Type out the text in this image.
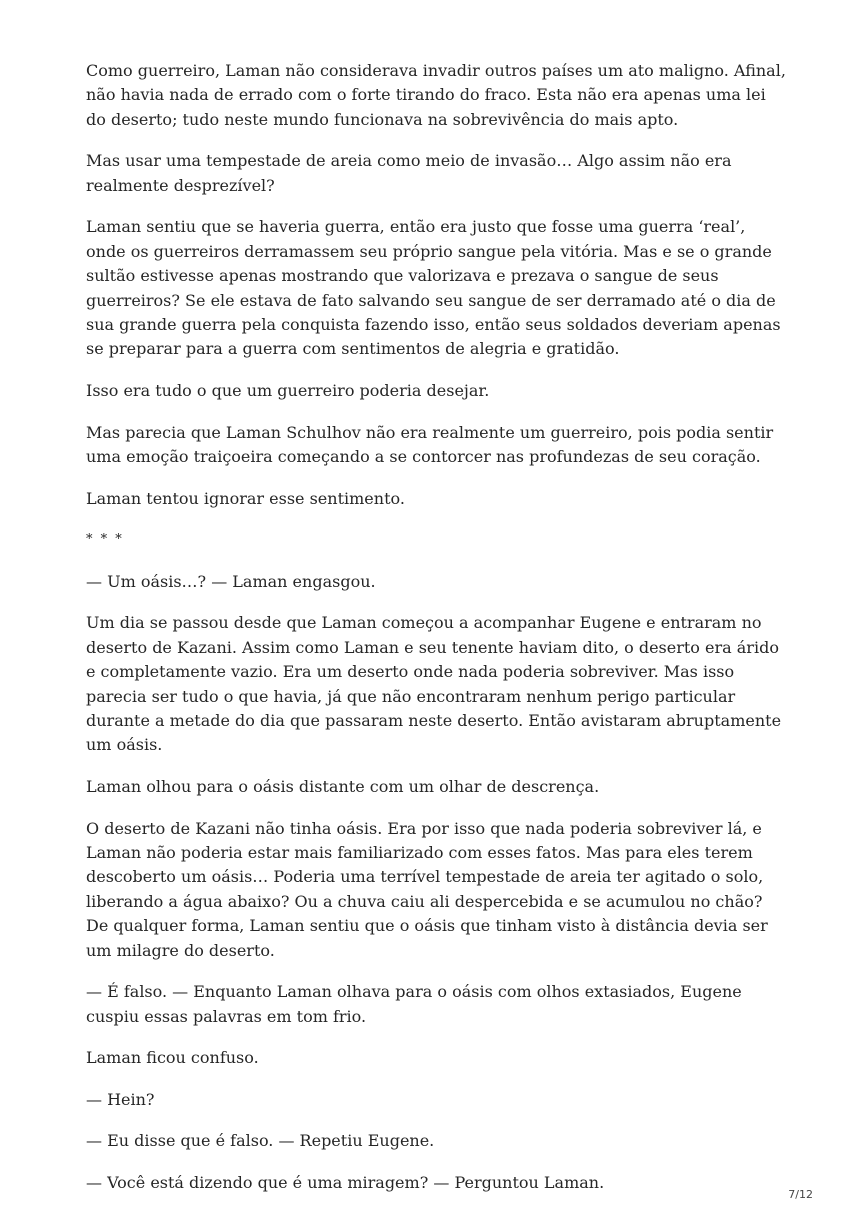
Como guerreiro, Laman não considerava invadir outros países um ato maligno. Afinal, não havia nada de errado com o forte tirando do fraco. Esta não era apenas uma lei do deserto; tudo neste mundo funcionava na sobrevivência do mais apto.

Mas usar uma tempestade de areia como meio de invasão… Algo assim não era realmente desprezível?

Laman sentiu que se haveria guerra, então era justo que fosse uma guerra ‘real’, onde os guerreiros derramassem seu próprio sangue pela vitória. Mas e se o grande sultão estivesse apenas mostrando que valorizava e prezava o sangue de seus guerreiros? Se ele estava de fato salvando seu sangue de ser derramado até o dia de sua grande guerra pela conquista fazendo isso, então seus soldados deveriam apenas se preparar para a guerra com sentimentos de alegria e gratidão.

Isso era tudo o que um guerreiro poderia desejar.

Mas parecia que Laman Schulhov não era realmente um guerreiro, pois podia sentir uma emoção traiçoeira começando a se contorcer nas profundezas de seu coração.

Laman tentou ignorar esse sentimento.

* * *

— Um oásis…? — Laman engasgou.

Um dia se passou desde que Laman começou a acompanhar Eugene e entraram no deserto de Kazani. Assim como Laman e seu tenente haviam dito, o deserto era árido e completamente vazio. Era um deserto onde nada poderia sobreviver. Mas isso parecia ser tudo o que havia, já que não encontraram nenhum perigo particular durante a metade do dia que passaram neste deserto. Então avistaram abruptamente um oásis.

Laman olhou para o oásis distante com um olhar de descrença.

O deserto de Kazani não tinha oásis. Era por isso que nada poderia sobreviver lá, e Laman não poderia estar mais familiarizado com esses fatos. Mas para eles terem descoberto um oásis… Poderia uma terrível tempestade de areia ter agitado o solo, liberando a água abaixo? Ou a chuva caiu ali despercebida e se acumulou no chão? De qualquer forma, Laman sentiu que o oásis que tinham visto à distância devia ser um milagre do deserto.

— É falso. — Enquanto Laman olhava para o oásis com olhos extasiados, Eugene cuspiu essas palavras em tom frio.

Laman ficou confuso.

— Hein?

— Eu disse que é falso. — Repetiu Eugene.

— Você está dizendo que é uma miragem? — Perguntou Laman.

7/12
